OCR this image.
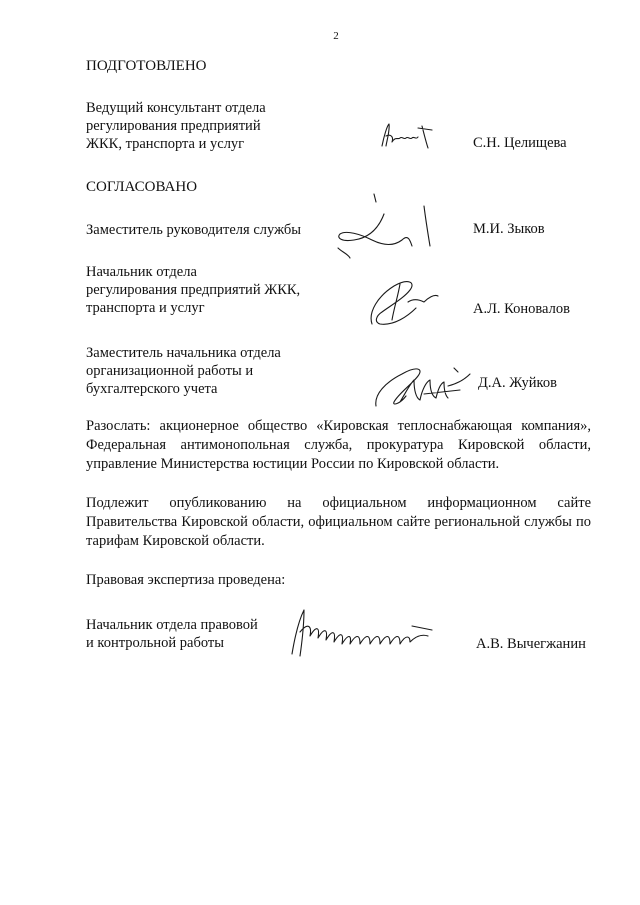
2
ПОДГОТОВЛЕНО
Ведущий консультант отдела
регулирования предприятий
ЖКК, транспорта и услуг	С.Н. Целищева
СОГЛАСОВАНО
Заместитель руководителя службы	М.И. Зыков
Начальник отдела
регулирования предприятий ЖКК,
транспорта и услуг	А.Л. Коновалов
Заместитель начальника отдела
организационной работы и
бухгалтерского учета	Д.А. Жуйков
Разослать: акционерное общество «Кировская теплоснабжающая компания», Федеральная антимонопольная служба, прокуратура Кировской области, управление Министерства юстиции России по Кировской области.
Подлежит опубликованию на официальном информационном сайте Правительства Кировской области, официальном сайте региональной службы по тарифам Кировской области.
Правовая экспертиза проведена:
Начальник отдела правовой
и контрольной работы	А.В. Вычегжанин
